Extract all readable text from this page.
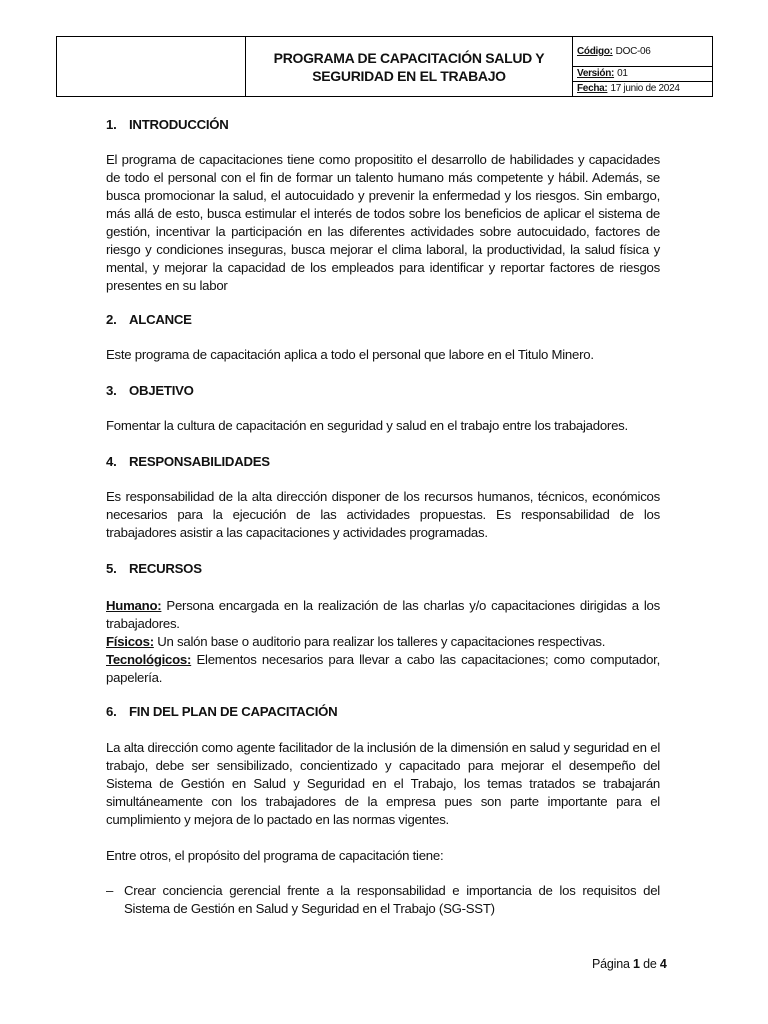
PROGRAMA DE CAPACITACIÓN SALUD Y SEGURIDAD EN EL TRABAJO
Código: DOC-06
Versión: 01
Fecha: 17 junio de 2024
1. INTRODUCCIÓN

El programa de capacitaciones tiene como propositito el desarrollo de habilidades y capacidades de todo el personal con el fin de formar un talento humano más competente y hábil. Además, se busca promocionar la salud, el autocuidado y prevenir la enfermedad y los riesgos. Sin embargo, más allá de esto, busca estimular el interés de todos sobre los beneficios de aplicar el sistema de gestión, incentivar la participación en las diferentes actividades sobre autocuidado, factores de riesgo y condiciones inseguras, busca mejorar el clima laboral, la productividad, la salud física y mental, y mejorar la capacidad de los empleados para identificar y reportar factores de riesgos presentes en su labor

2. ALCANCE

Este programa de capacitación aplica a todo el personal que labore en el Titulo Minero.

3. OBJETIVO

Fomentar la cultura de capacitación en seguridad y salud en el trabajo entre los trabajadores.

4. RESPONSABILIDADES

Es responsabilidad de la alta dirección disponer de los recursos humanos, técnicos, económicos necesarios para la ejecución de las actividades propuestas. Es responsabilidad de los trabajadores asistir a las capacitaciones y actividades programadas.

5. RECURSOS

Humano: Persona encargada en la realización de las charlas y/o capacitaciones dirigidas a los trabajadores.

Físicos: Un salón base o auditorio para realizar los talleres y capacitaciones respectivas.

Tecnológicos: Elementos necesarios para llevar a cabo las capacitaciones; como computador, papelería.

6. FIN DEL PLAN DE CAPACITACIÓN

La alta dirección como agente facilitador de la inclusión de la dimensión en salud y seguridad en el trabajo, debe ser sensibilizado, concientizado y capacitado para mejorar el desempeño del Sistema de Gestión en Salud y Seguridad en el Trabajo, los temas tratados se trabajarán simultáneamente con los trabajadores de la empresa pues son parte importante para el cumplimiento y mejora de lo pactado en las normas vigentes.

Entre otros, el propósito del programa de capacitación tiene:

– Crear conciencia gerencial frente a la responsabilidad e importancia de los requisitos del Sistema de Gestión en Salud y Seguridad en el Trabajo (SG-SST)

Página 1 de 4
